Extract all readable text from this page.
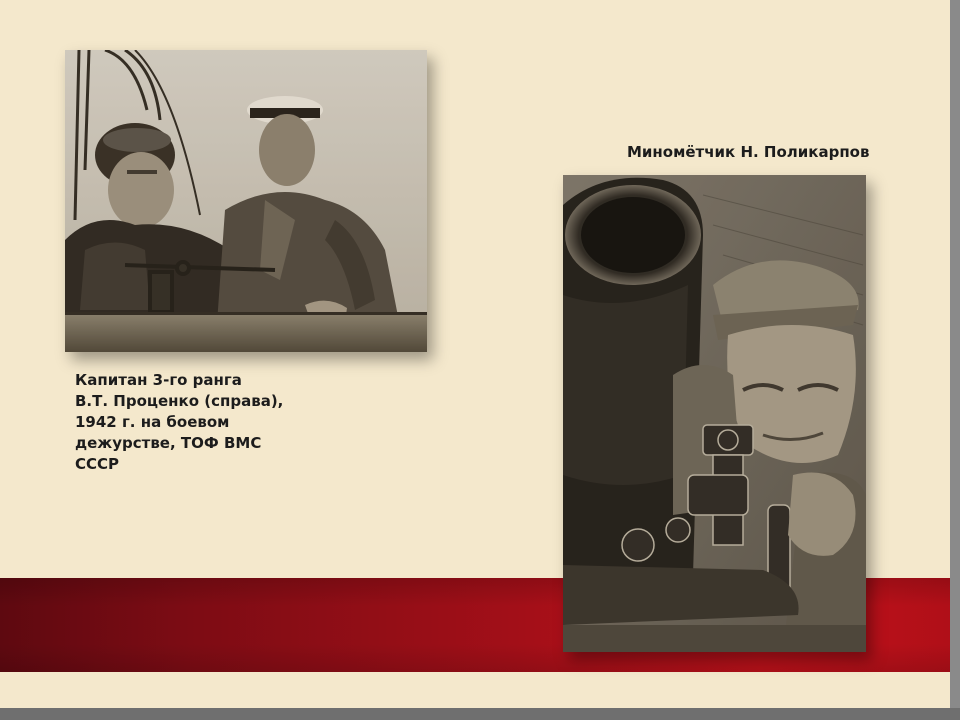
Капитан 3-го ранга
В.Т. Проценко (справа),
1942 г. на боевом
дежурстве, ТОФ ВМС
СССР
Миномётчик Н. Поликарпов
